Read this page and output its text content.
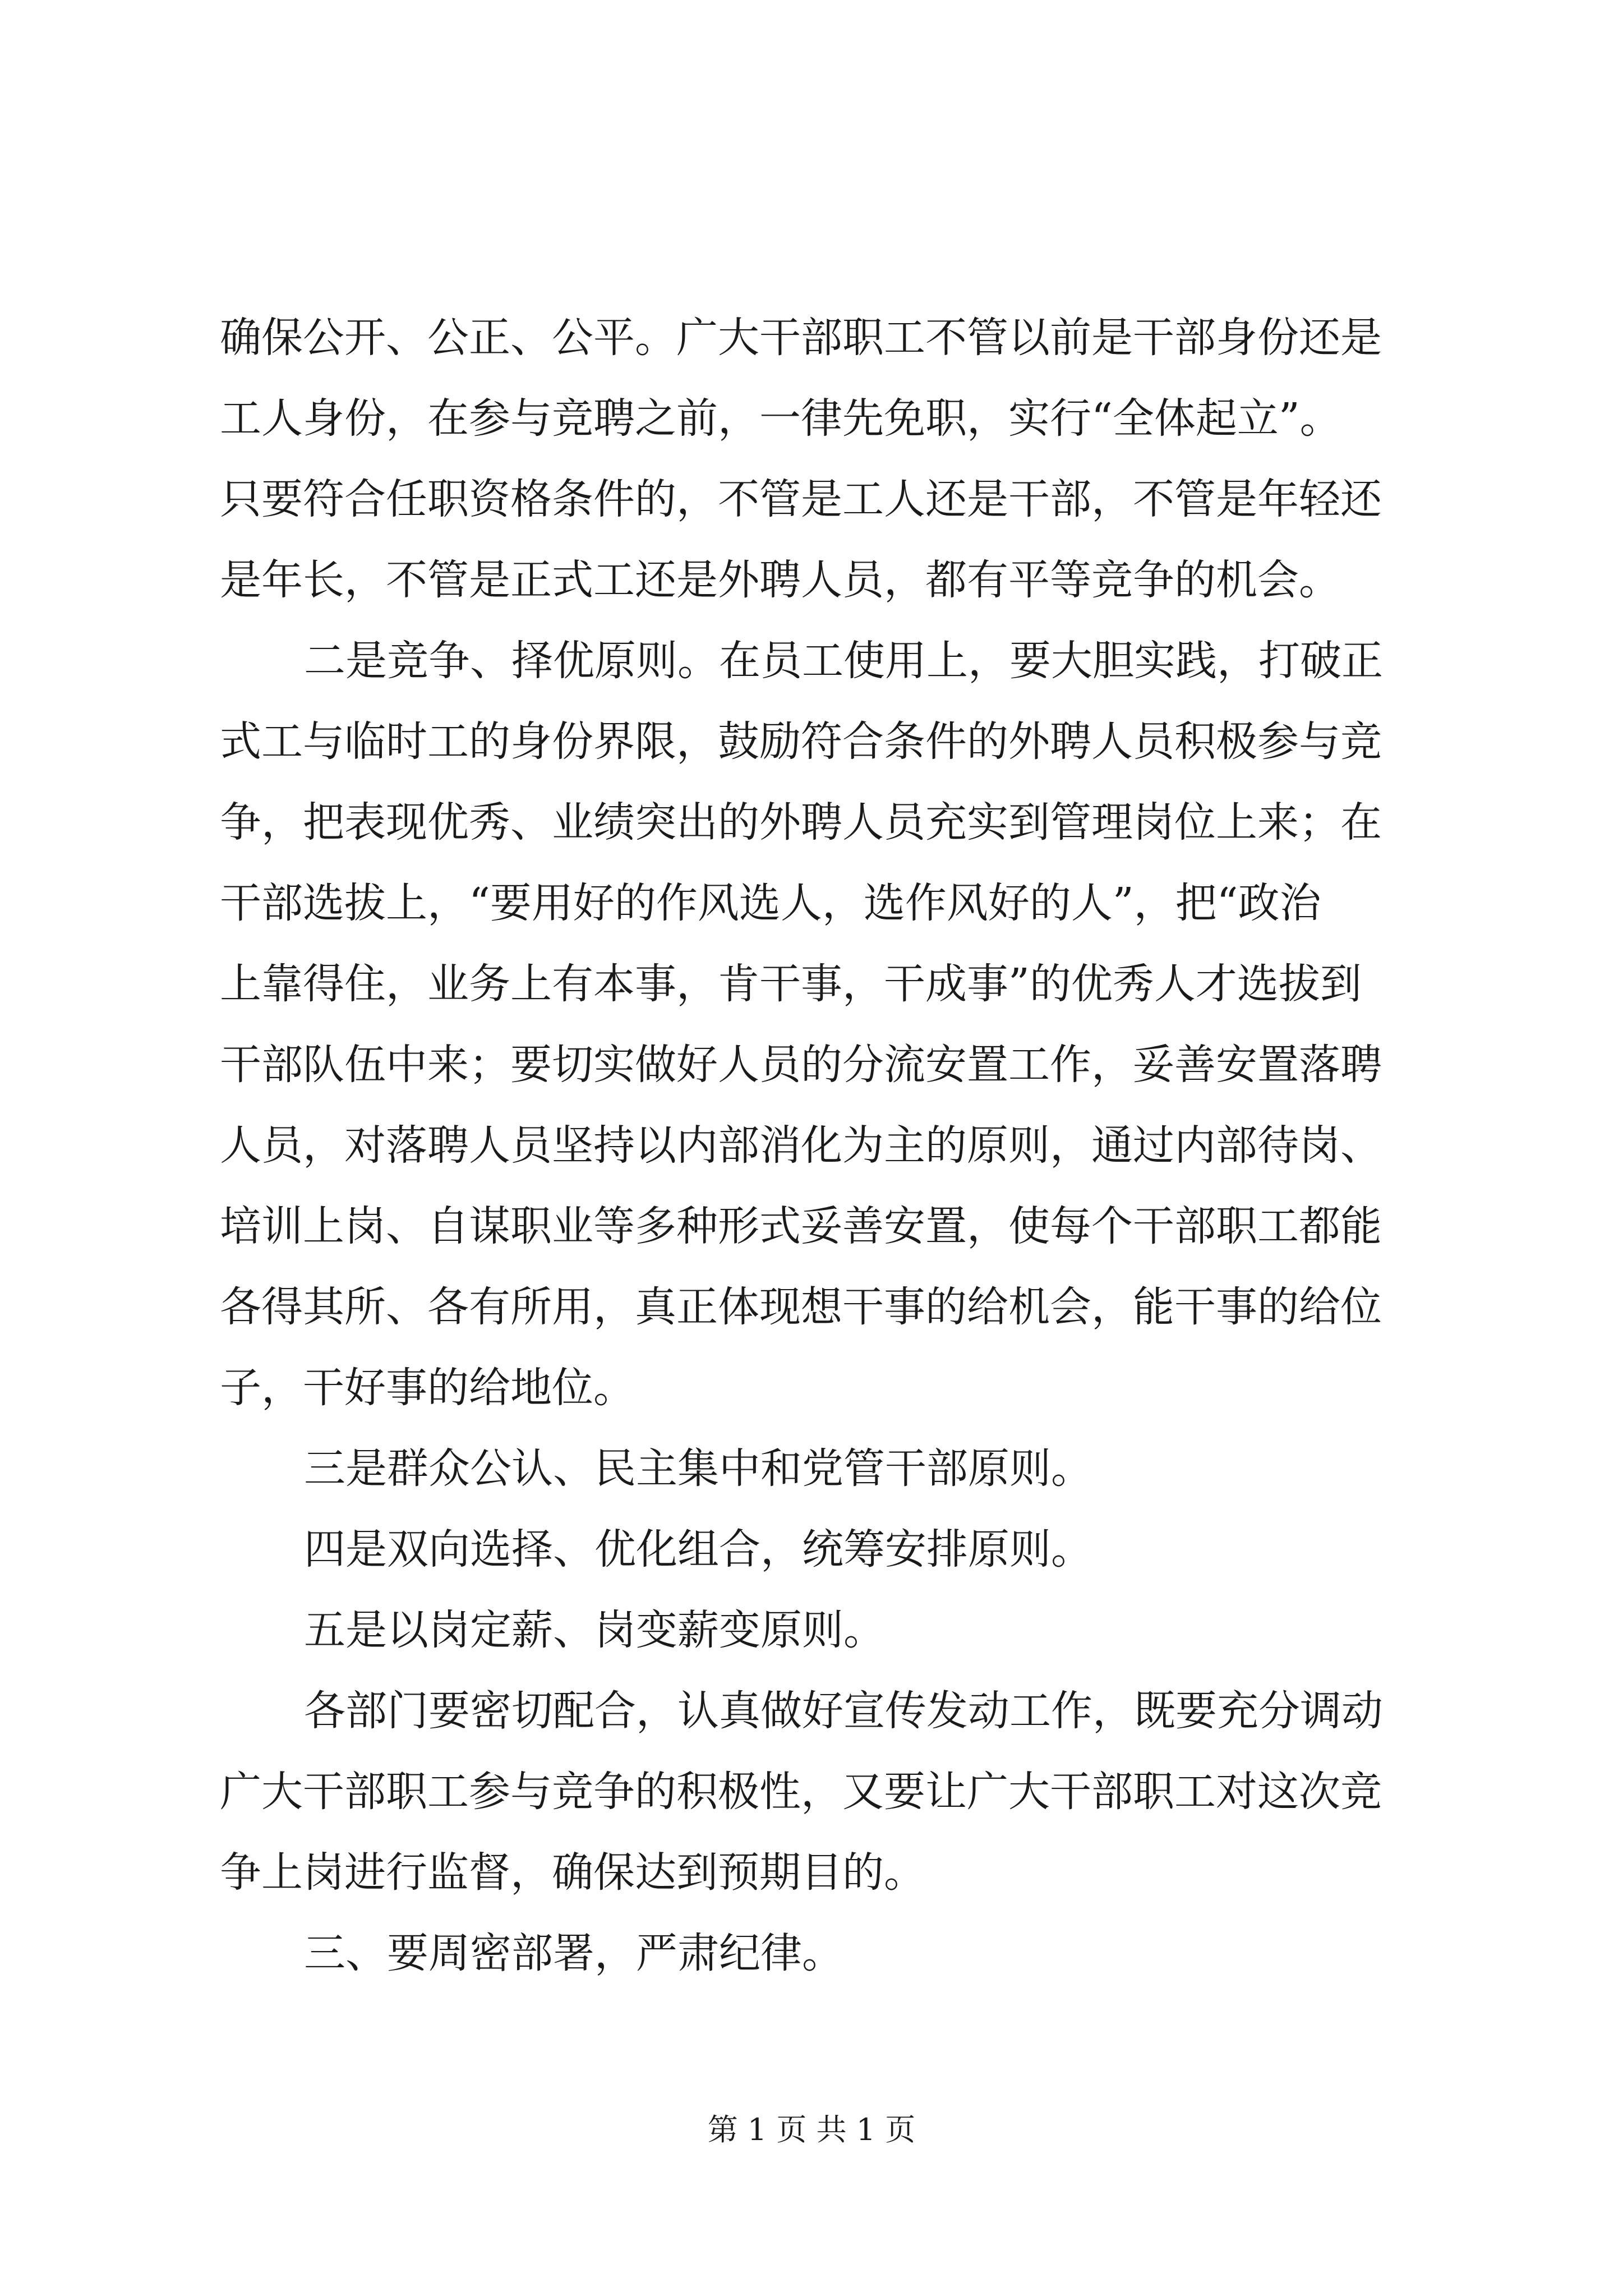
确保公开、公正、公平。广大干部职工不管以前是干部身份还是
工人身份，在参与竞聘之前，一律先免职，实行“全体起立”。
只要符合任职资格条件的，不管是工人还是干部，不管是年轻还
是年长，不管是正式工还是外聘人员，都有平等竞争的机会。
二是竞争、择优原则。在员工使用上，要大胆实践，打破正
式工与临时工的身份界限，鼓励符合条件的外聘人员积极参与竞
争，把表现优秀、业绩突出的外聘人员充实到管理岗位上来；在
干部选拔上，“要用好的作风选人，选作风好的人”，把“政治
上靠得住，业务上有本事，肯干事，干成事”的优秀人才选拔到
干部队伍中来；要切实做好人员的分流安置工作，妥善安置落聘
人员，对落聘人员坚持以内部消化为主的原则，通过内部待岗、
培训上岗、自谋职业等多种形式妥善安置，使每个干部职工都能
各得其所、各有所用，真正体现想干事的给机会，能干事的给位
子，干好事的给地位。
三是群众公认、民主集中和党管干部原则。
四是双向选择、优化组合，统筹安排原则。
五是以岗定薪、岗变薪变原则。
各部门要密切配合，认真做好宣传发动工作，既要充分调动
广大干部职工参与竞争的积极性，又要让广大干部职工对这次竞
争上岗进行监督，确保达到预期目的。
三、要周密部署，严肃纪律。
第 1 页 共 1 页
